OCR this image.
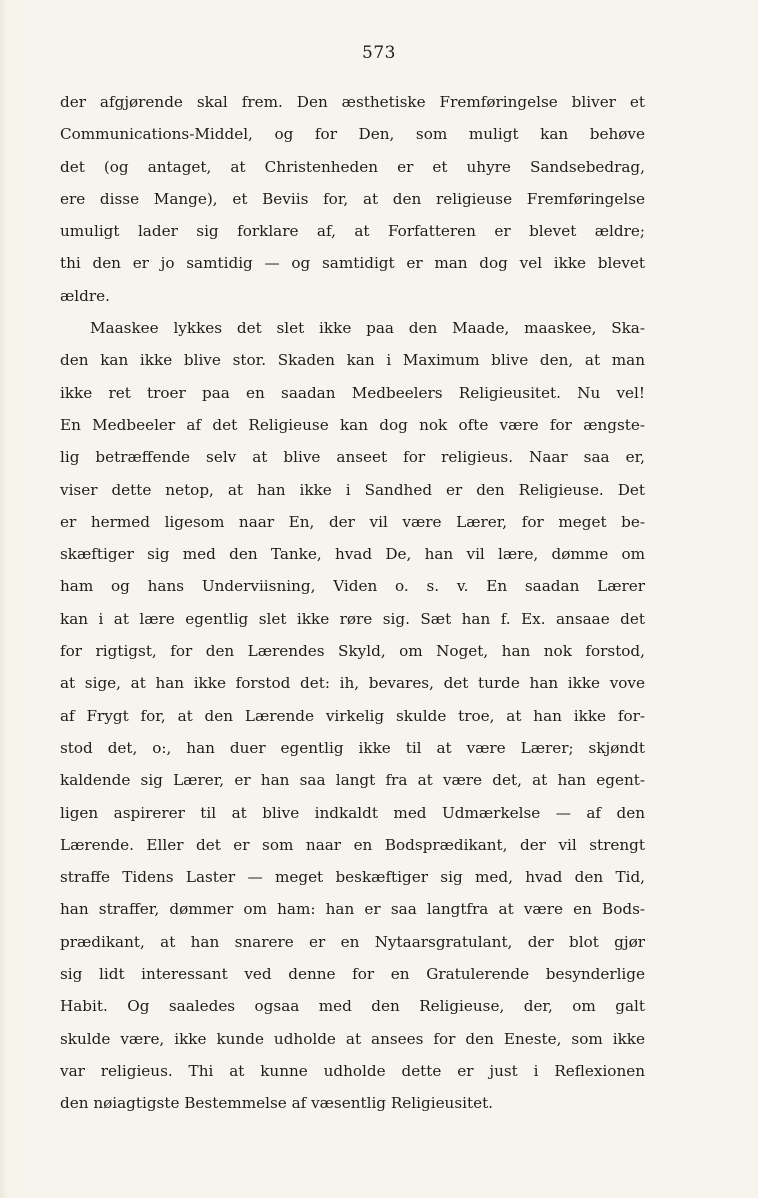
573
der afgjørende skal frem. Den æsthetiske Fremføringelse bliver et
Communications-Middel, og for Den, som muligt kan behøve
det (og antaget, at Christenheden er et uhyre Sandsebedrag,
ere disse Mange), et Beviis for, at den religieuse Fremføringelse
umuligt lader sig forklare af, at Forfatteren er blevet ældre;
thi den er jo samtidig — og samtidigt er man dog vel ikke blevet
ældre.
Maaskee lykkes det slet ikke paa den Maade, maaskee, Ska-
den kan ikke blive stor. Skaden kan i Maximum blive den, at man
ikke ret troer paa en saadan Medbeelers Religieusitet. Nu vel!
En Medbeeler af det Religieuse kan dog nok ofte være for ængste-
lig betræffende selv at blive anseet for religieus. Naar saa er,
viser dette netop, at han ikke i Sandhed er den Religieuse. Det
er hermed ligesom naar En, der vil være Lærer, for meget be-
skæftiger sig med den Tanke, hvad De, han vil lære, dømme om
ham og hans Underviisning, Viden o. s. v. En saadan Lærer
kan i at lære egentlig slet ikke røre sig. Sæt han f. Ex. ansaae det
for rigtigst, for den Lærendes Skyld, om Noget, han nok forstod,
at sige, at han ikke forstod det: ih, bevares, det turde han ikke vove
af Frygt for, at den Lærende virkelig skulde troe, at han ikke for-
stod det, o:, han duer egentlig ikke til at være Lærer; skjøndt
kaldende sig Lærer, er han saa langt fra at være det, at han egent-
ligen aspirerer til at blive indkaldt med Udmærkelse — af den
Lærende. Eller det er som naar en Bodsprædikant, der vil strengt
straffe Tidens Laster — meget beskæftiger sig med, hvad den Tid,
han straffer, dømmer om ham: han er saa langtfra at være en Bods-
prædikant, at han snarere er en Nytaarsgratulant, der blot gjør
sig lidt interessant ved denne for en Gratulerende besynderlige
Habit. Og saaledes ogsaa med den Religieuse, der, om galt
skulde være, ikke kunde udholde at ansees for den Eneste, som ikke
var religieus. Thi at kunne udholde dette er just i Reflexionen
den nøiagtigste Bestemmelse af væsentlig Religieusitet.
